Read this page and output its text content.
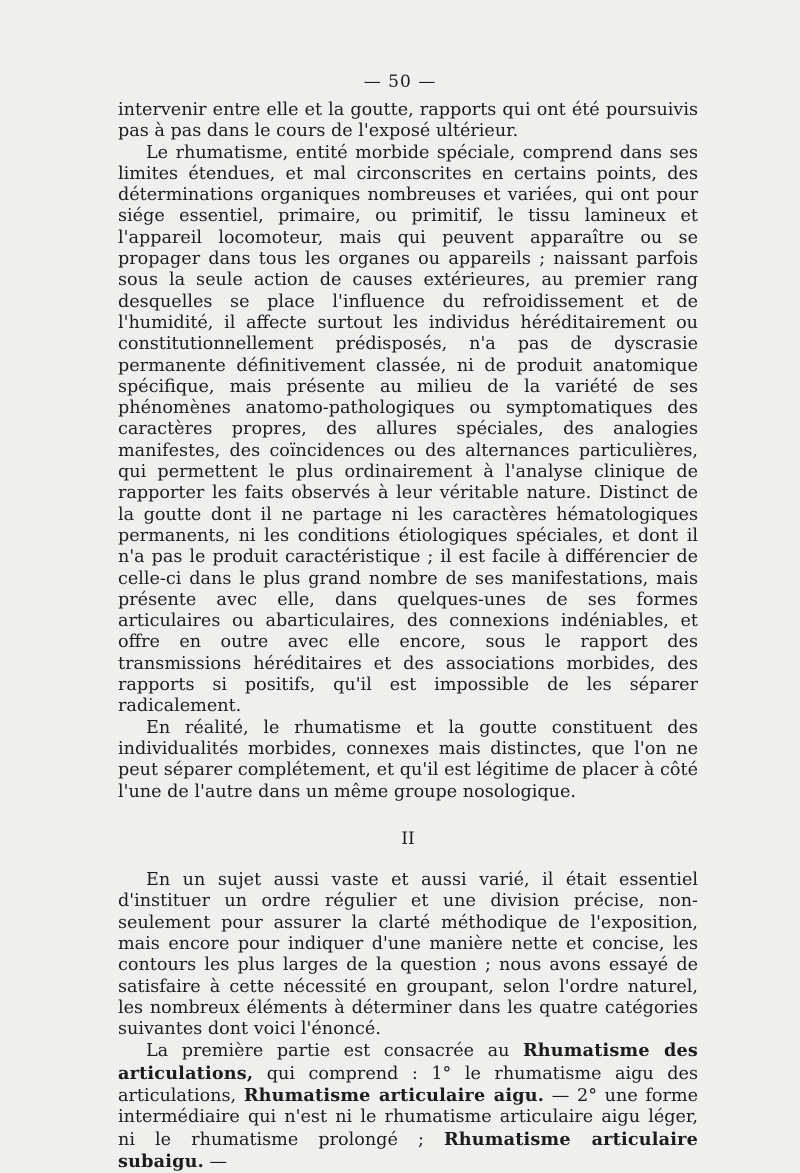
— 50 —

intervenir entre elle et la goutte, rapports qui ont été poursuivis pas à pas dans le cours de l'exposé ultérieur.

Le rhumatisme, entité morbide spéciale, comprend dans ses limites étendues, et mal circonscrites en certains points, des déterminations organiques nombreuses et variées, qui ont pour siége essentiel, primaire, ou primitif, le tissu lamineux et l'appareil locomoteur, mais qui peuvent apparaître ou se propager dans tous les organes ou appareils ; naissant parfois sous la seule action de causes extérieures, au premier rang desquelles se place l'influence du refroidissement et de l'humidité, il affecte surtout les individus héréditairement ou constitutionnellement prédisposés, n'a pas de dyscrasie permanente définitivement classée, ni de produit anatomique spécifique, mais présente au milieu de la variété de ses phénomènes anatomo-pathologiques ou symptomatiques des caractères propres, des allures spéciales, des analogies manifestes, des coïncidences ou des alternances particulières, qui permettent le plus ordinairement à l'analyse clinique de rapporter les faits observés à leur véritable nature. Distinct de la goutte dont il ne partage ni les caractères hématologiques permanents, ni les conditions étiologiques spéciales, et dont il n'a pas le produit caractéristique ; il est facile à différencier de celle-ci dans le plus grand nombre de ses manifestations, mais présente avec elle, dans quelques-unes de ses formes articulaires ou abarticulaires, des connexions indéniables, et offre en outre avec elle encore, sous le rapport des transmissions héréditaires et des associations morbides, des rapports si positifs, qu'il est impossible de les séparer radicalement.

En réalité, le rhumatisme et la goutte constituent des individualités morbides, connexes mais distinctes, que l'on ne peut séparer complétement, et qu'il est légitime de placer à côté l'une de l'autre dans un même groupe nosologique.

II

En un sujet aussi vaste et aussi varié, il était essentiel d'instituer un ordre régulier et une division précise, non-seulement pour assurer la clarté méthodique de l'exposition, mais encore pour indiquer d'une manière nette et concise, les contours les plus larges de la question ; nous avons essayé de satisfaire à cette nécessité en groupant, selon l'ordre naturel, les nombreux éléments à déterminer dans les quatre catégories suivantes dont voici l'énoncé.

La première partie est consacrée au Rhumatisme des articulations, qui comprend : 1° le rhumatisme aigu des articulations, Rhumatisme articulaire aigu. — 2° une forme intermédiaire qui n'est ni le rhumatisme articulaire aigu léger, ni le rhumatisme prolongé ; Rhumatisme articulaire subaigu. —
